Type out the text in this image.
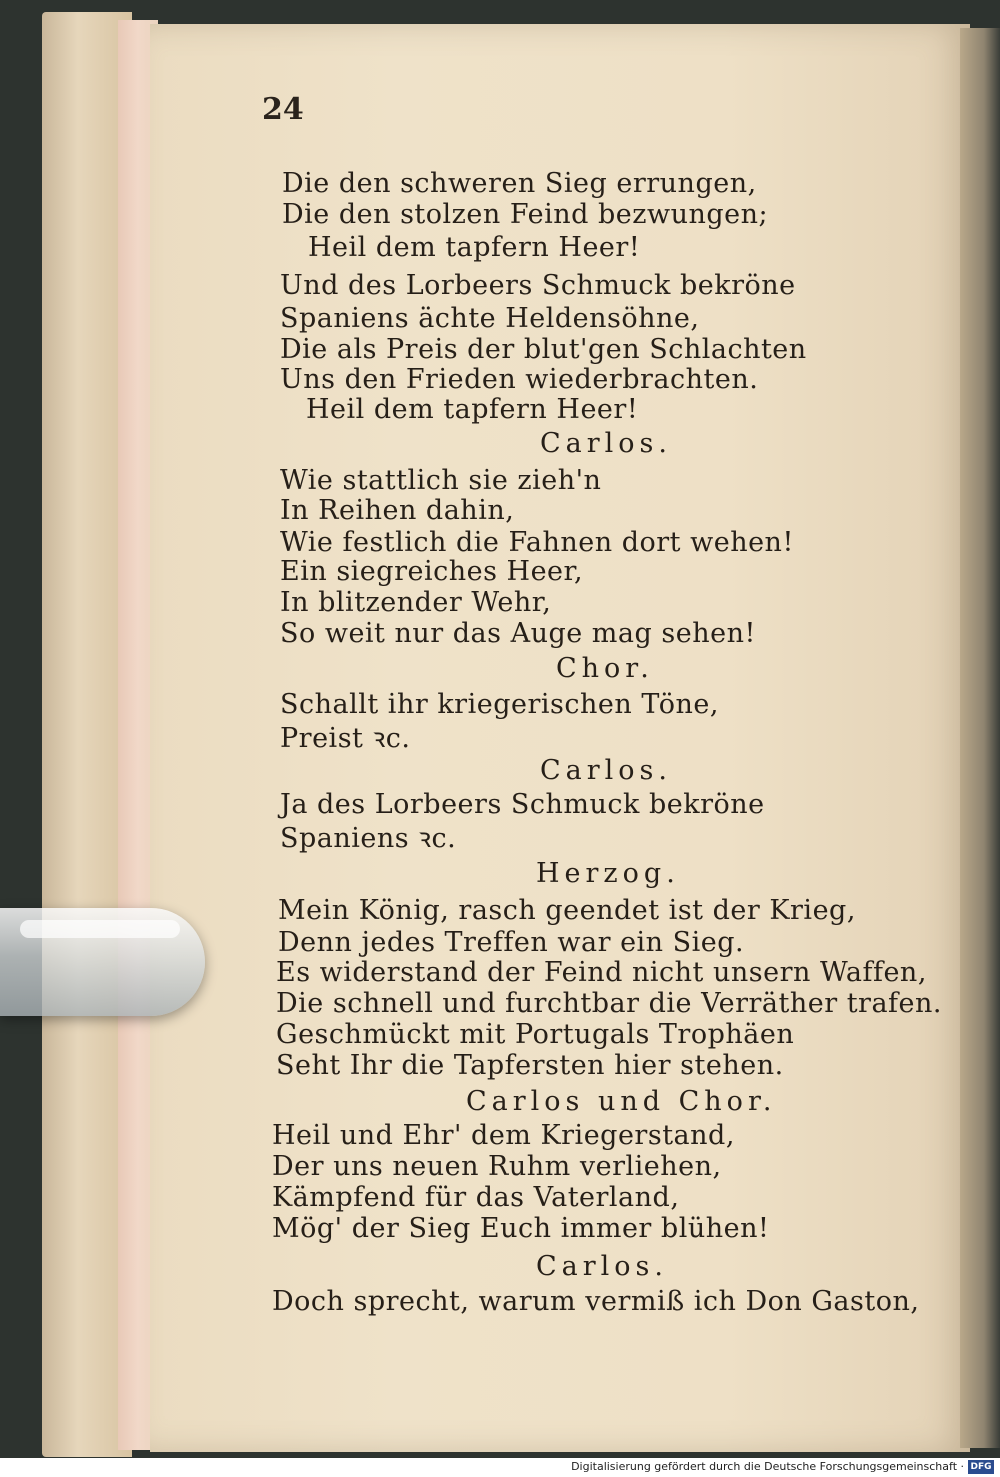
24
Die den schweren Sieg errungen,
Die den stolzen Feind bezwungen;
Heil dem tapfern Heer!
Und des Lorbeers Schmuck bekröne
Spaniens ächte Heldensöhne,
Die als Preis der blut'gen Schlachten
Uns den Frieden wiederbrachten.
Heil dem tapfern Heer!
Carlos.
Wie stattlich sie zieh'n
In Reihen dahin,
Wie festlich die Fahnen dort wehen!
Ein siegreiches Heer,
In blitzender Wehr,
So weit nur das Auge mag sehen!
Chor.
Schallt ihr kriegerischen Töne,
Preist ꝛc.
Carlos.
Ja des Lorbeers Schmuck bekröne
Spaniens ꝛc.
Herzog.
Mein König, rasch geendet ist der Krieg,
Denn jedes Treffen war ein Sieg.
Es widerstand der Feind nicht unsern Waffen,
Die schnell und furchtbar die Verräther trafen.
Geschmückt mit Portugals Trophäen
Seht Ihr die Tapfersten hier stehen.
Carlos und Chor.
Heil und Ehr' dem Kriegerstand,
Der uns neuen Ruhm verliehen,
Kämpfend für das Vaterland,
Mög' der Sieg Euch immer blühen!
Carlos.
Doch sprecht, warum vermiß ich Don Gaston,
Digitalisierung gefördert durch die Deutsche Forschungsgemeinschaft · DFG
